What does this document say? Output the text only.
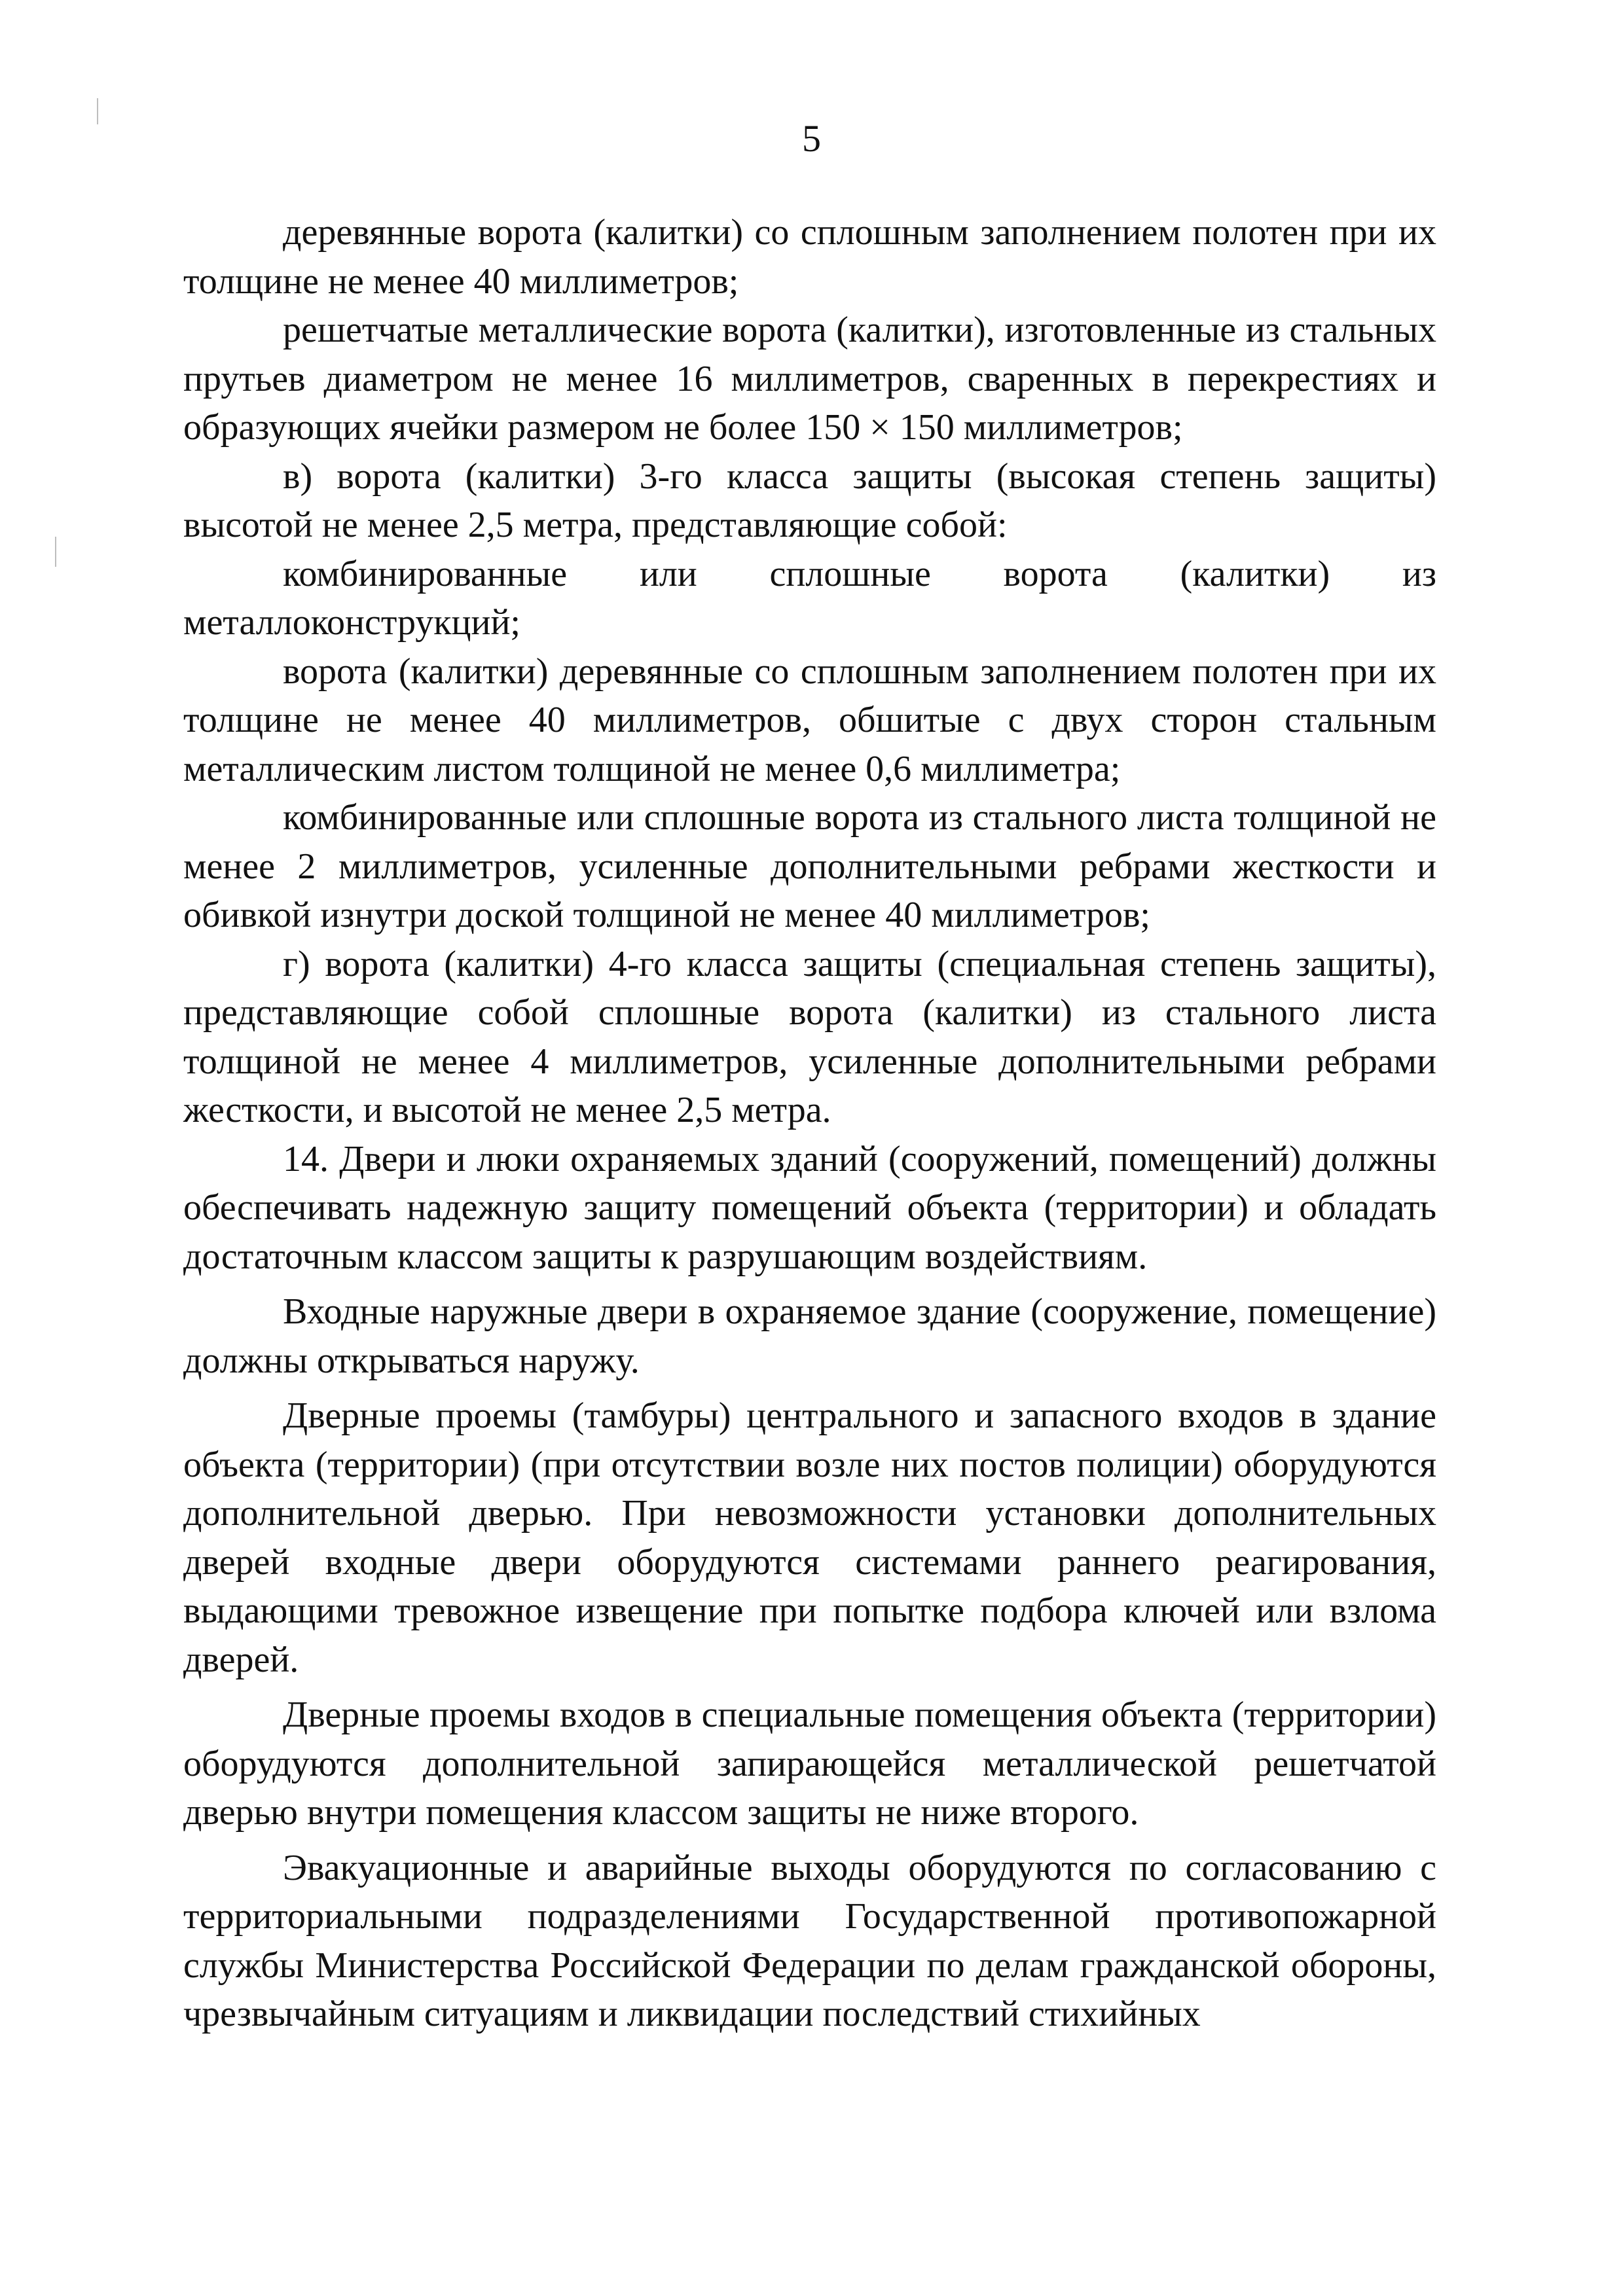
5

деревянные ворота (калитки) со сплошным заполнением полотен при их толщине не менее 40 миллиметров;

решетчатые металлические ворота (калитки), изготовленные из стальных прутьев диаметром не менее 16 миллиметров, сваренных в перекрестиях и образующих ячейки размером не более 150 × 150 миллиметров;

в) ворота (калитки) 3-го класса защиты (высокая степень защиты) высотой не менее 2,5 метра, представляющие собой:

комбинированные или сплошные ворота (калитки) из металлоконструкций;

ворота (калитки) деревянные со сплошным заполнением полотен при их толщине не менее 40 миллиметров, обшитые с двух сторон стальным металлическим листом толщиной не менее 0,6 миллиметра;

комбинированные или сплошные ворота из стального листа толщиной не менее 2 миллиметров, усиленные дополнительными ребрами жесткости и обивкой изнутри доской толщиной не менее 40 миллиметров;

г) ворота (калитки) 4-го класса защиты (специальная степень защиты), представляющие собой сплошные ворота (калитки) из стального листа толщиной не менее 4 миллиметров, усиленные дополнительными ребрами жесткости, и высотой не менее 2,5 метра.

14. Двери и люки охраняемых зданий (сооружений, помещений) должны обеспечивать надежную защиту помещений объекта (территории) и обладать достаточным классом защиты к разрушающим воздействиям.

Входные наружные двери в охраняемое здание (сооружение, помещение) должны открываться наружу.

Дверные проемы (тамбуры) центрального и запасного входов в здание объекта (территории) (при отсутствии возле них постов полиции) оборудуются дополнительной дверью. При невозможности установки дополнительных дверей входные двери оборудуются системами раннего реагирования, выдающими тревожное извещение при попытке подбора ключей или взлома дверей.

Дверные проемы входов в специальные помещения объекта (территории) оборудуются дополнительной запирающейся металлической решетчатой дверью внутри помещения классом защиты не ниже второго.

Эвакуационные и аварийные выходы оборудуются по согласованию с территориальными подразделениями Государственной противопожарной службы Министерства Российской Федерации по делам гражданской обороны, чрезвычайным ситуациям и ликвидации последствий стихийных
